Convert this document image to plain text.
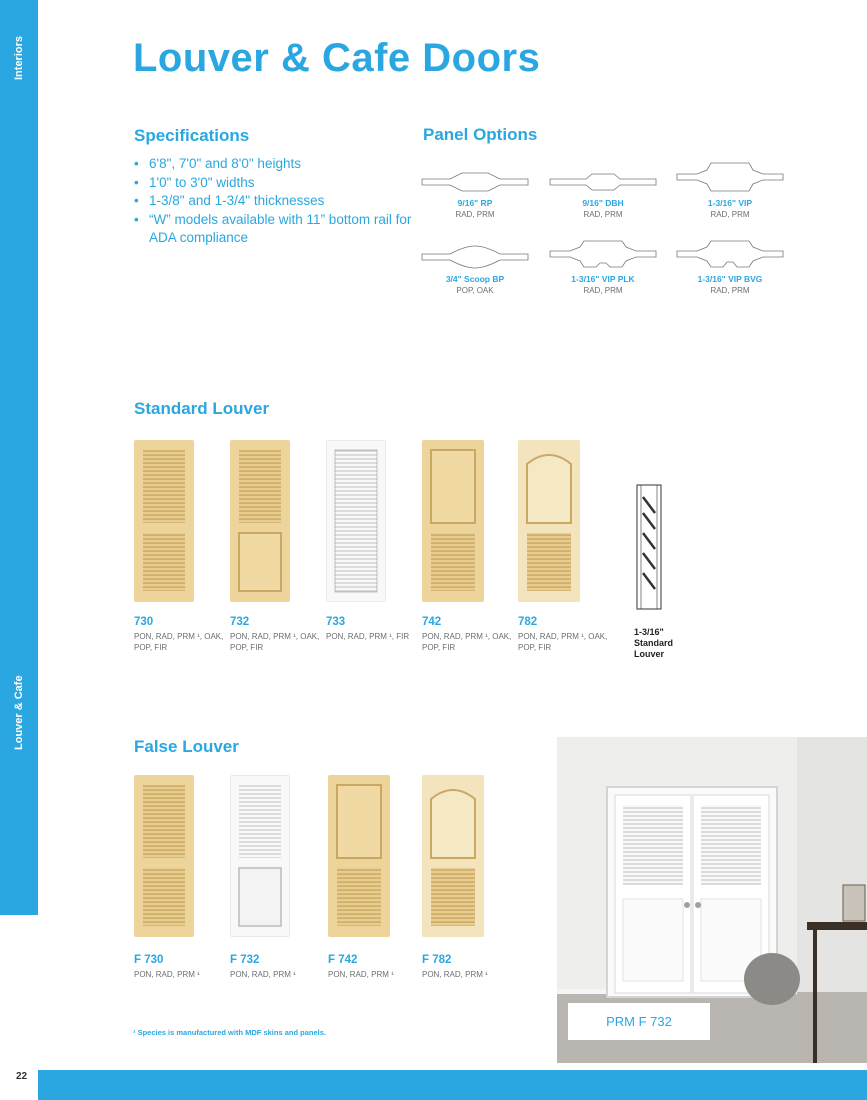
Interiors
Louver & Cafe
Louver & Cafe Doors
Specifications
• 6'8", 7'0" and 8'0" heights
• 1'0" to 3'0" widths
• 1-3/8" and 1-3/4" thicknesses
• “W” models available with 11” bottom rail for ADA compliance
Panel Options
9/16" RP
RAD, PRM
9/16" DBH
RAD, PRM
1-3/16" VIP
RAD, PRM
3/4" Scoop BP
POP, OAK
1-3/16" VIP PLK
RAD, PRM
1-3/16" VIP BVG
RAD, PRM
Standard Louver
730
PON, RAD, PRM ¹, OAK, POP, FIR
732
PON, RAD, PRM ¹, OAK, POP, FIR
733
PON, RAD, PRM ¹, FIR
742
PON, RAD, PRM ¹, OAK, POP, FIR
782
PON, RAD, PRM ¹, OAK, POP, FIR
1-3/16" Standard Louver
False Louver
F 730
PON, RAD, PRM ¹
F 732
PON, RAD, PRM ¹
F 742
PON, RAD, PRM ¹
F 782
PON, RAD, PRM ¹
PRM F 732
¹ Species is manufactured with MDF skins and panels.
22
